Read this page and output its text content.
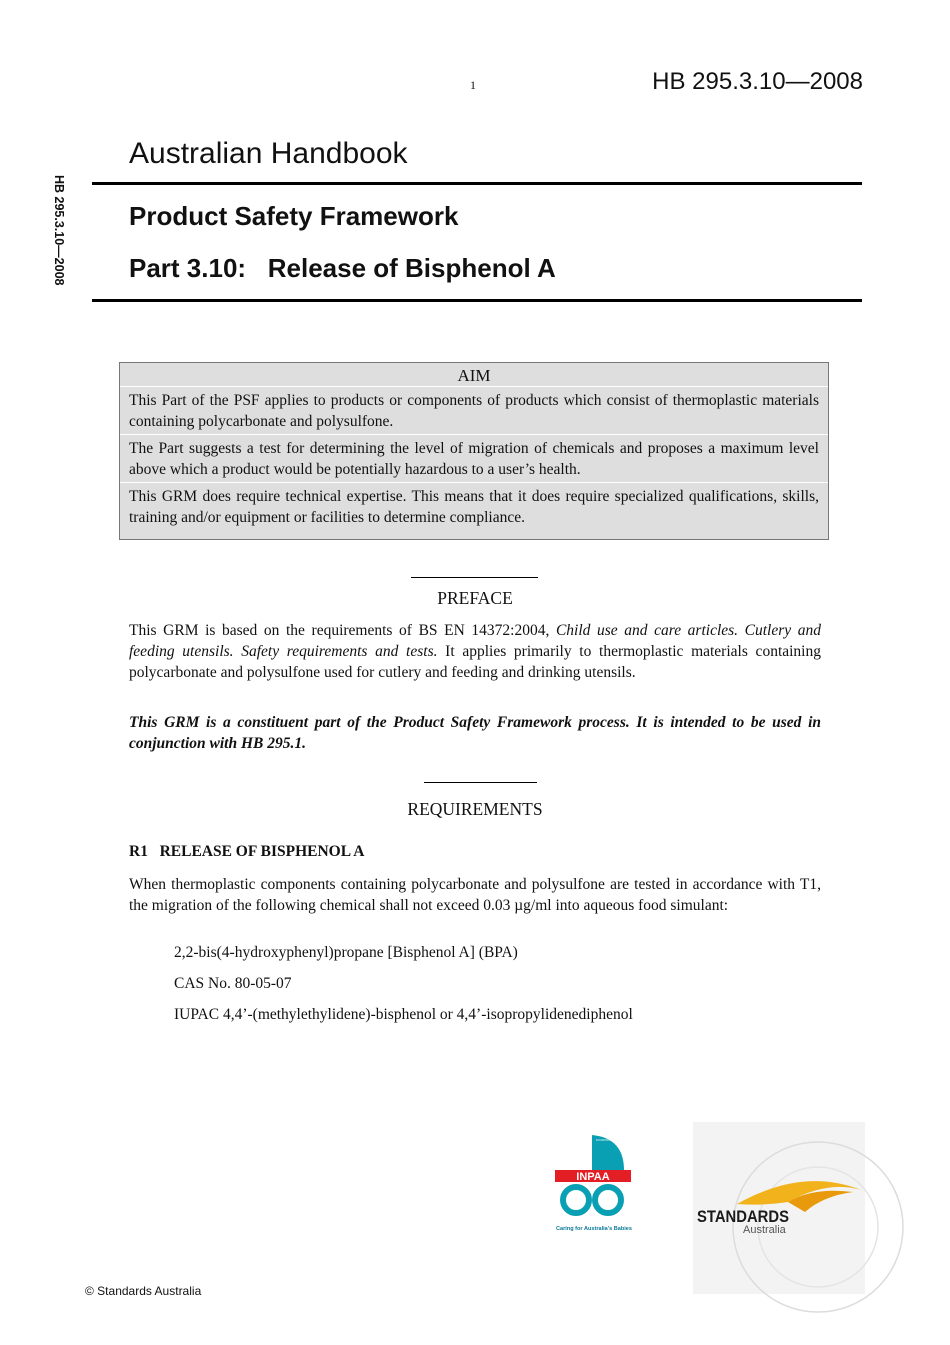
1	HB 295.3.10—2008
HB 295.3.10—2008
Australian Handbook
Product Safety Framework
Part 3.10:   Release of Bisphenol A
AIM
This Part of the PSF applies to products or components of products which consist of thermoplastic materials containing polycarbonate and polysulfone.
The Part suggests a test for determining the level of migration of chemicals and proposes a maximum level above which a product would be potentially hazardous to a user’s health.
This GRM does require technical expertise. This means that it does require specialized qualifications, skills, training and/or equipment or facilities to determine compliance.
PREFACE
This GRM is based on the requirements of BS EN 14372:2004, Child use and care articles. Cutlery and feeding utensils. Safety requirements and tests. It applies primarily to thermoplastic materials containing polycarbonate and polysulfone used for cutlery and feeding and drinking utensils.
This GRM is a constituent part of the Product Safety Framework process. It is intended to be used in conjunction with HB 295.1.
REQUIREMENTS
R1   RELEASE OF BISPHENOL A
When thermoplastic components containing polycarbonate and polysulfone are tested in accordance with T1, the migration of the following chemical shall not exceed 0.03 µg/ml into aqueous food simulant:
2,2-bis(4-hydroxyphenyl)propane [Bisphenol A] (BPA)
CAS No. 80-05-07
IUPAC 4,4’-(methylethylidene)-bisphenol or 4,4’-isopropylidenediphenol
INFANT & NURSERY PRODUCTS ASSOCIATION OF AUSTRALIA
INPAA
Caring for Australia's Babies
STANDARDS
Australia
© Standards Australia
